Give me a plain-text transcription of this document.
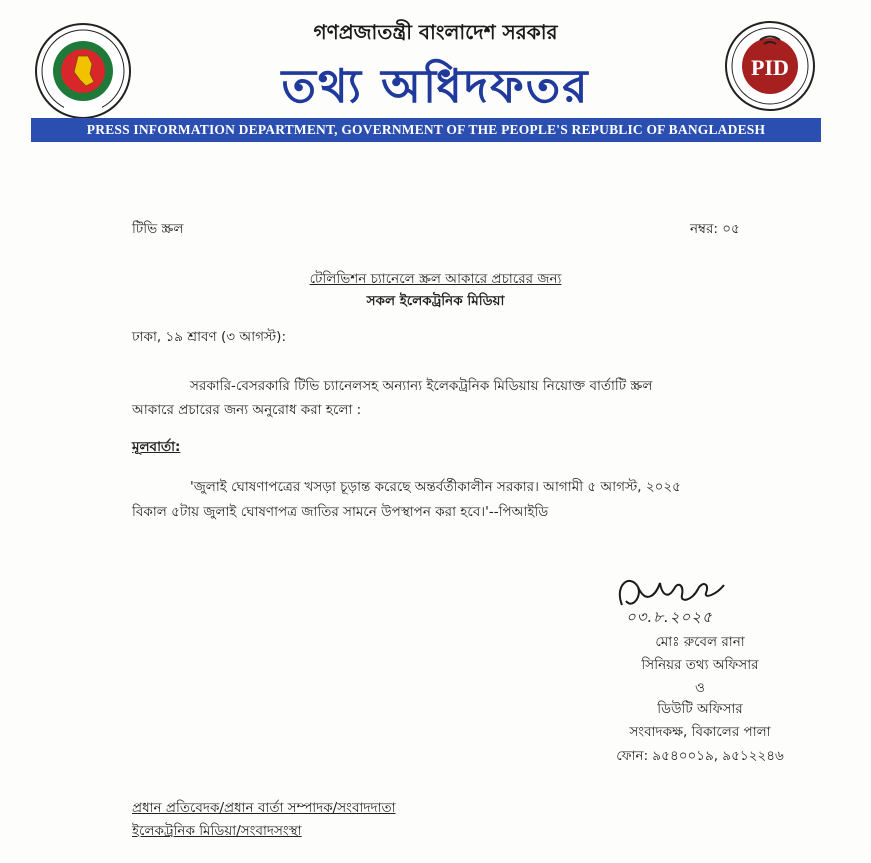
PID
গণপ্রজাতন্ত্রী বাংলাদেশ সরকার
তথ্য অধিদফতর
PRESS INFORMATION DEPARTMENT, GOVERNMENT OF THE PEOPLE'S REPUBLIC OF BANGLADESH
টিভি স্ক্রল	নম্বর: ০৫
টেলিভিশন চ্যানেলে স্ক্রল আকারে প্রচারের জন্য
সকল ইলেকট্রনিক মিডিয়া
ঢাকা, ১৯ শ্রাবণ (৩ আগস্ট):
সরকারি-বেসরকারি টিভি চ্যানেলসহ অন্যান্য ইলেকট্রনিক মিডিয়ায় নিয়োক্ত বার্তাটি স্ক্রল
আকারে প্রচারের জন্য অনুরোধ করা হলো :
মূলবার্তা:
'জুলাই ঘোষণাপত্রের খসড়া চূড়ান্ত করেছে অন্তর্বর্তীকালীন সরকার। আগামী ৫ আগস্ট, ২০২৫
বিকাল ৫টায় জুলাই ঘোষণাপত্র জাতির সামনে উপস্থাপন করা হবে।'--পিআইডি
০৩.৮.২০২৫
মোঃ রুবেল রানা
সিনিয়র তথ্য অফিসার
ও
ডিউটি অফিসার
সংবাদকক্ষ, বিকালের পালা
ফোন: ৯৫৪০০১৯, ৯৫১২২৪৬
প্রধান প্রতিবেদক/প্রধান বার্তা সম্পাদক/সংবাদদাতা
ইলেকট্রনিক মিডিয়া/সংবাদসংস্থা
